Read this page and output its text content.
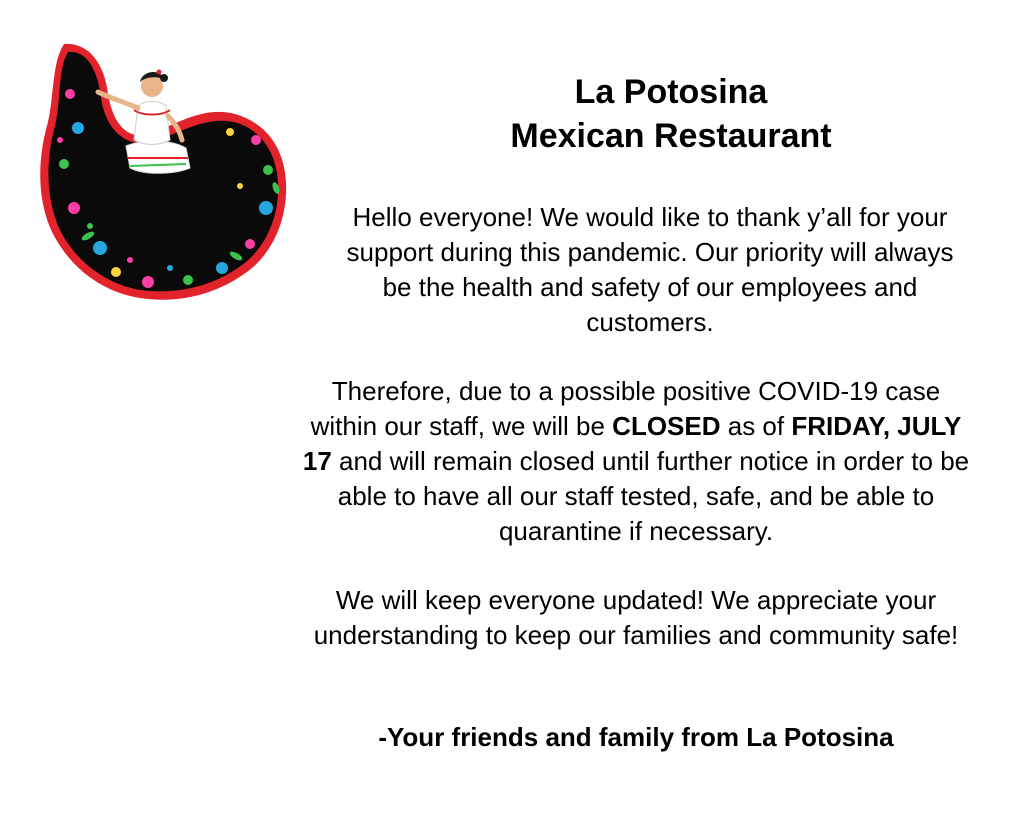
La Potosina

Mexican Restaurant

Hello everyone! We would like to thank y’all for your support during this pandemic. Our priority will always be the health and safety of our employees and customers.

Therefore, due to a possible positive COVID-19 case within our staff, we will be CLOSED as of FRIDAY, JULY 17 and will remain closed until further notice in order to be able to have all our staff tested, safe, and be able to quarantine if necessary.

We will keep everyone updated! We appreciate your understanding to keep our families and community safe!

-Your friends and family from La Potosina
